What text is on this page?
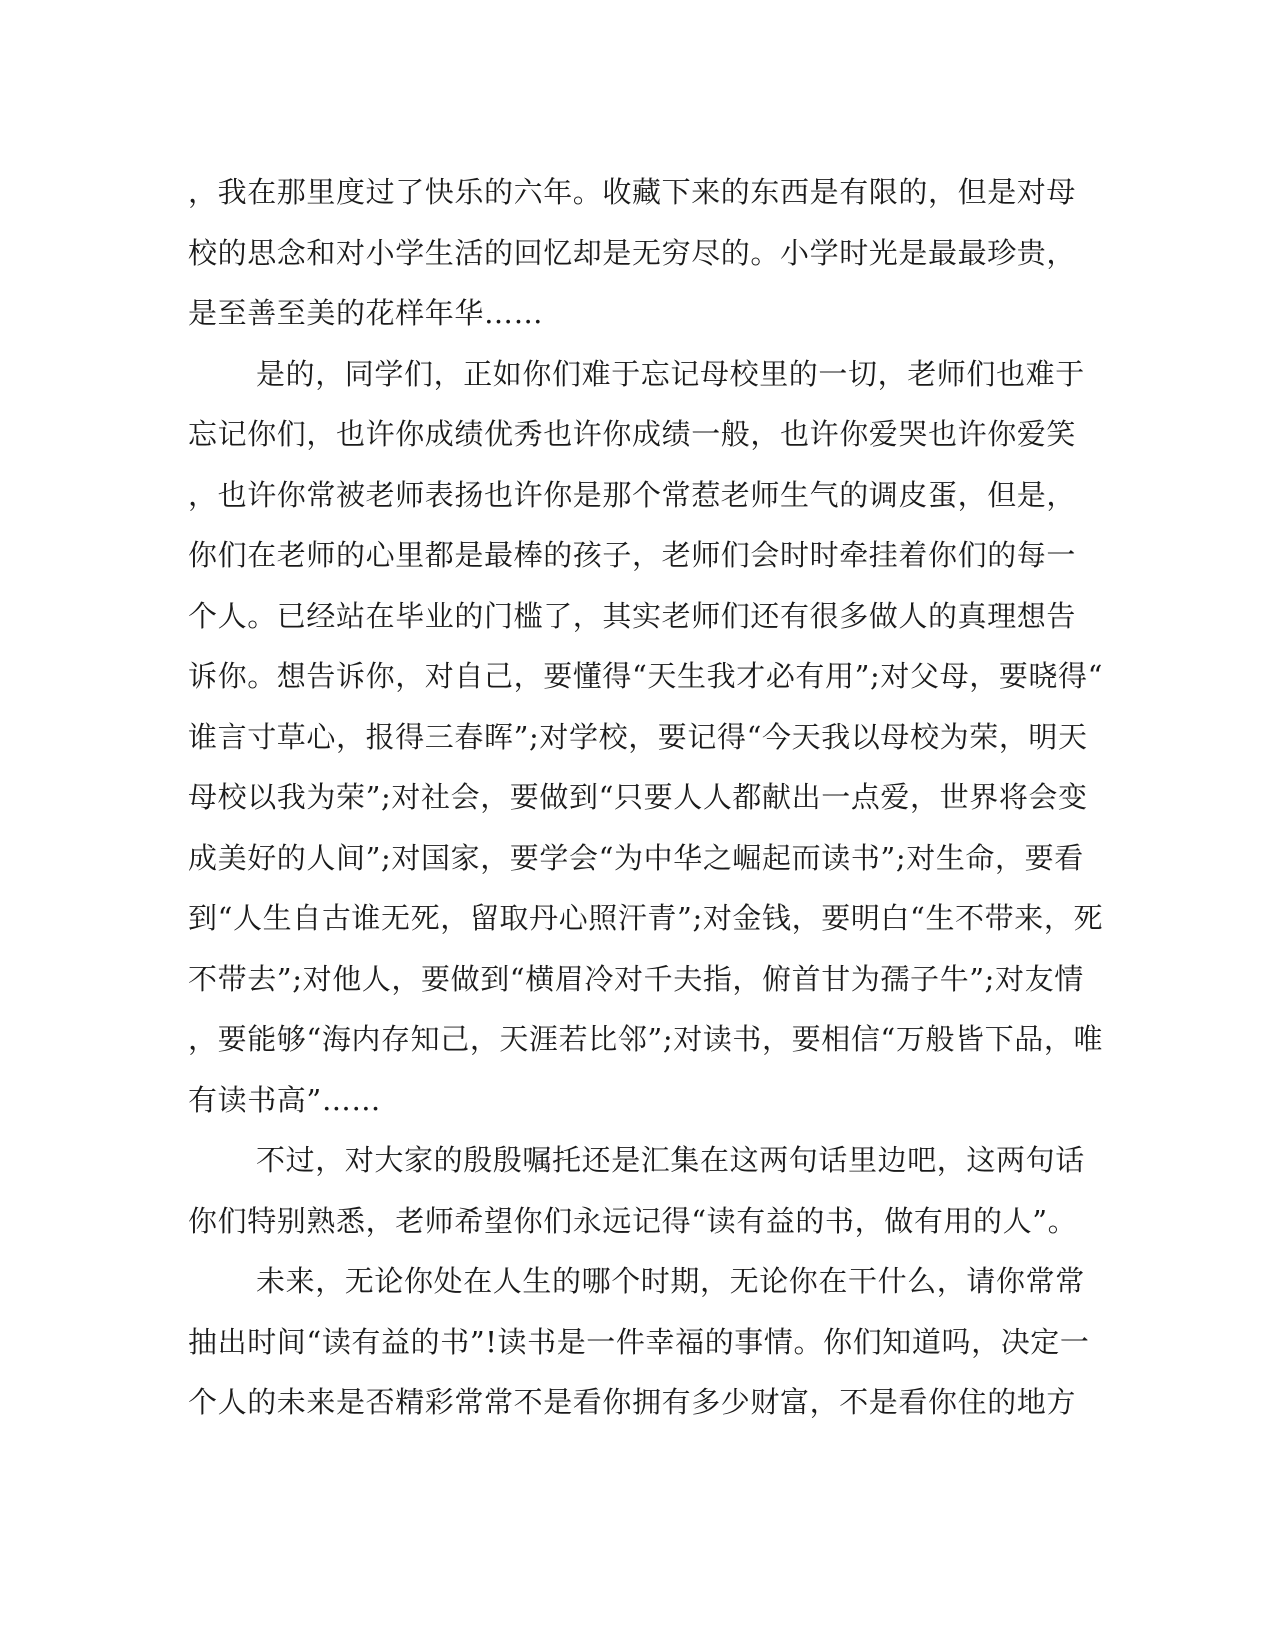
，我在那里度过了快乐的六年。收藏下来的东西是有限的，但是对母
校的思念和对小学生活的回忆却是无穷尽的。小学时光是最最珍贵，
是至善至美的花样年华……
是的，同学们，正如你们难于忘记母校里的一切，老师们也难于
忘记你们，也许你成绩优秀也许你成绩一般，也许你爱哭也许你爱笑
，也许你常被老师表扬也许你是那个常惹老师生气的调皮蛋，但是，
你们在老师的心里都是最棒的孩子，老师们会时时牵挂着你们的每一
个人。已经站在毕业的门槛了，其实老师们还有很多做人的真理想告
诉你。想告诉你，对自己，要懂得“天生我才必有用”;对父母，要晓得“
谁言寸草心，报得三春晖”;对学校，要记得“今天我以母校为荣，明天
母校以我为荣”;对社会，要做到“只要人人都献出一点爱，世界将会变
成美好的人间”;对国家，要学会“为中华之崛起而读书”;对生命，要看
到“人生自古谁无死，留取丹心照汗青”;对金钱，要明白“生不带来，死
不带去”;对他人，要做到“横眉冷对千夫指，俯首甘为孺子牛”;对友情
，要能够“海内存知己，天涯若比邻”;对读书，要相信“万般皆下品，唯
有读书高”……
不过，对大家的殷殷嘱托还是汇集在这两句话里边吧，这两句话
你们特别熟悉，老师希望你们永远记得“读有益的书，做有用的人”。
未来，无论你处在人生的哪个时期，无论你在干什么，请你常常
抽出时间“读有益的书”!读书是一件幸福的事情。你们知道吗，决定一
个人的未来是否精彩常常不是看你拥有多少财富，不是看你住的地方
